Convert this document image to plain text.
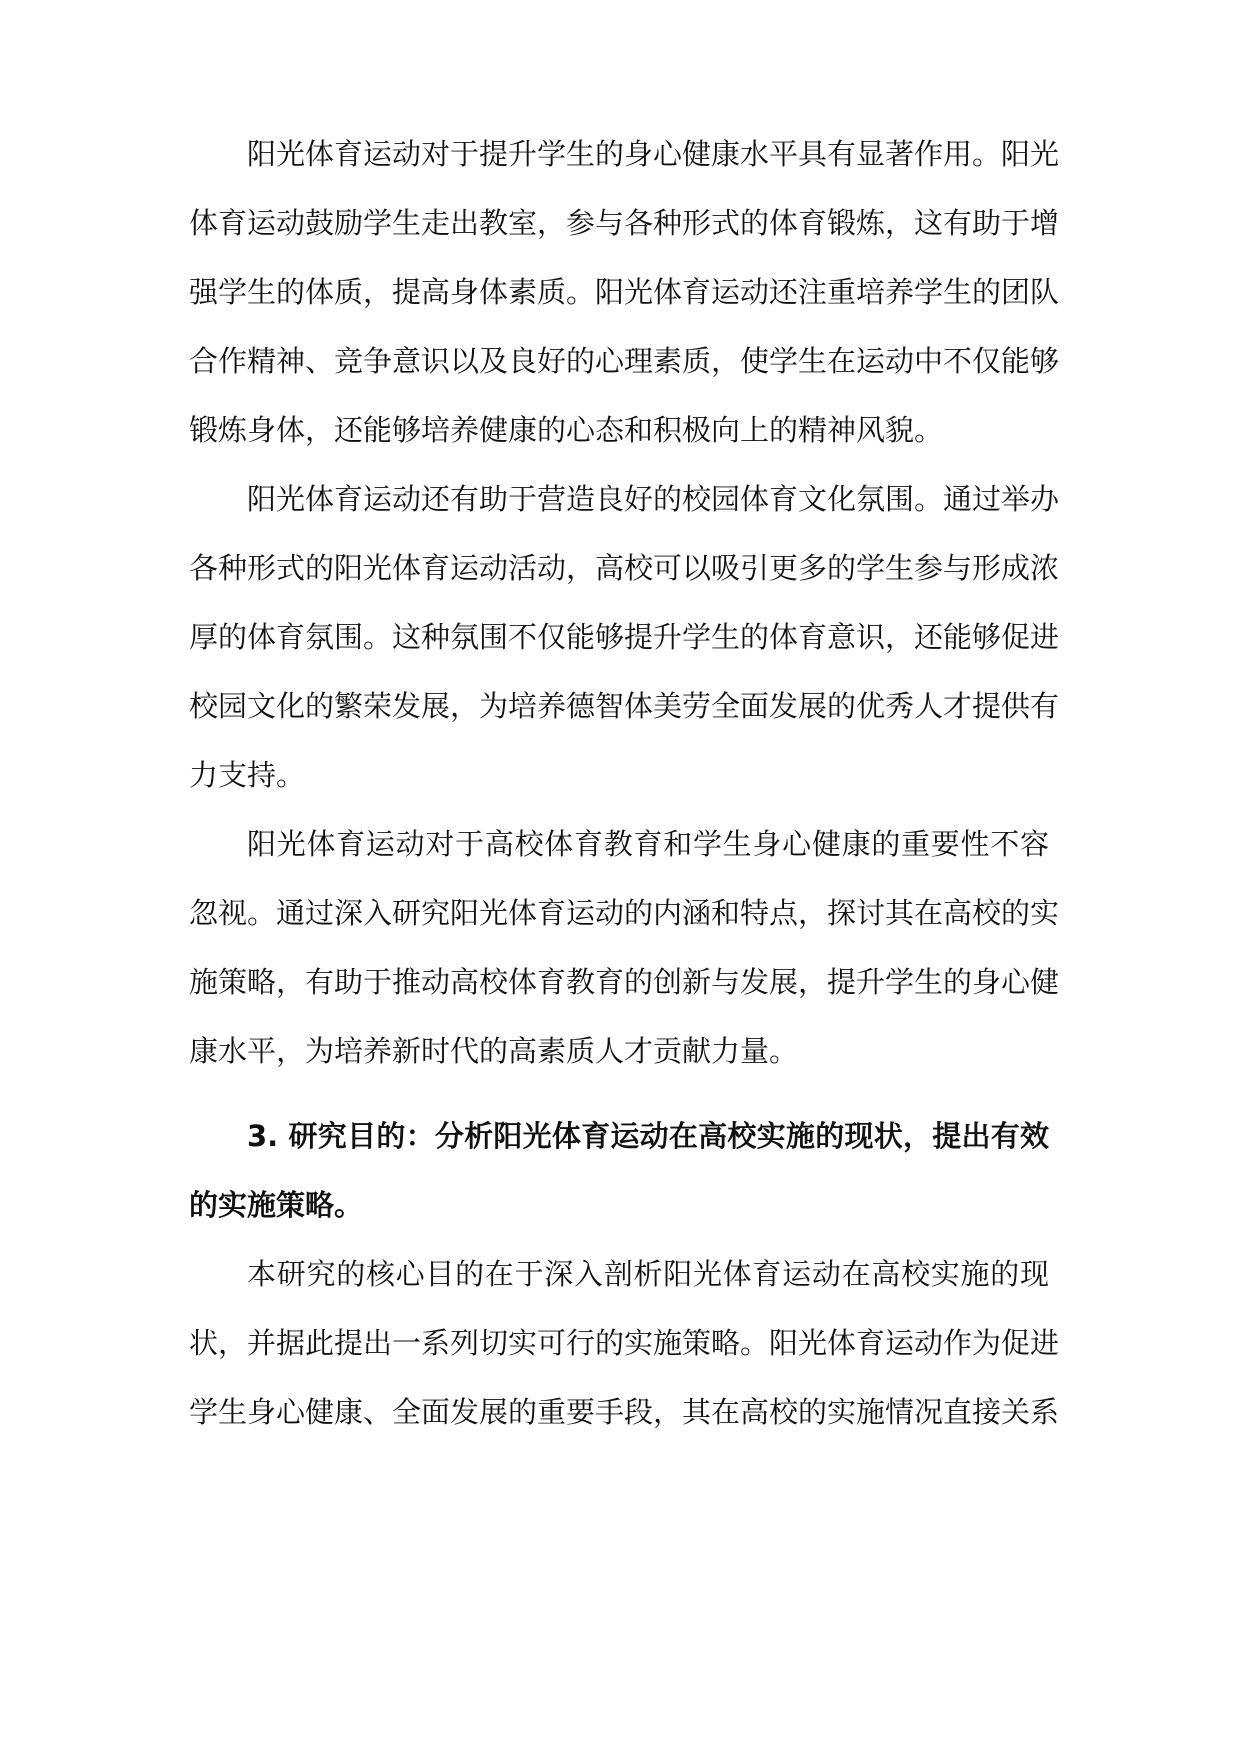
阳光体育运动对于提升学生的身心健康水平具有显著作用。阳光
体育运动鼓励学生走出教室，参与各种形式的体育锻炼，这有助于增
强学生的体质，提高身体素质。阳光体育运动还注重培养学生的团队
合作精神、竞争意识以及良好的心理素质，使学生在运动中不仅能够
锻炼身体，还能够培养健康的心态和积极向上的精神风貌。
阳光体育运动还有助于营造良好的校园体育文化氛围。通过举办
各种形式的阳光体育运动活动，高校可以吸引更多的学生参与形成浓
厚的体育氛围。这种氛围不仅能够提升学生的体育意识，还能够促进
校园文化的繁荣发展，为培养德智体美劳全面发展的优秀人才提供有
力支持。
阳光体育运动对于高校体育教育和学生身心健康的重要性不容
忽视。通过深入研究阳光体育运动的内涵和特点，探讨其在高校的实
施策略，有助于推动高校体育教育的创新与发展，提升学生的身心健
康水平，为培养新时代的高素质人才贡献力量。
3. 研究目的：分析阳光体育运动在高校实施的现状，提出有效
的实施策略。
本研究的核心目的在于深入剖析阳光体育运动在高校实施的现
状，并据此提出一系列切实可行的实施策略。阳光体育运动作为促进
学生身心健康、全面发展的重要手段，其在高校的实施情况直接关系
